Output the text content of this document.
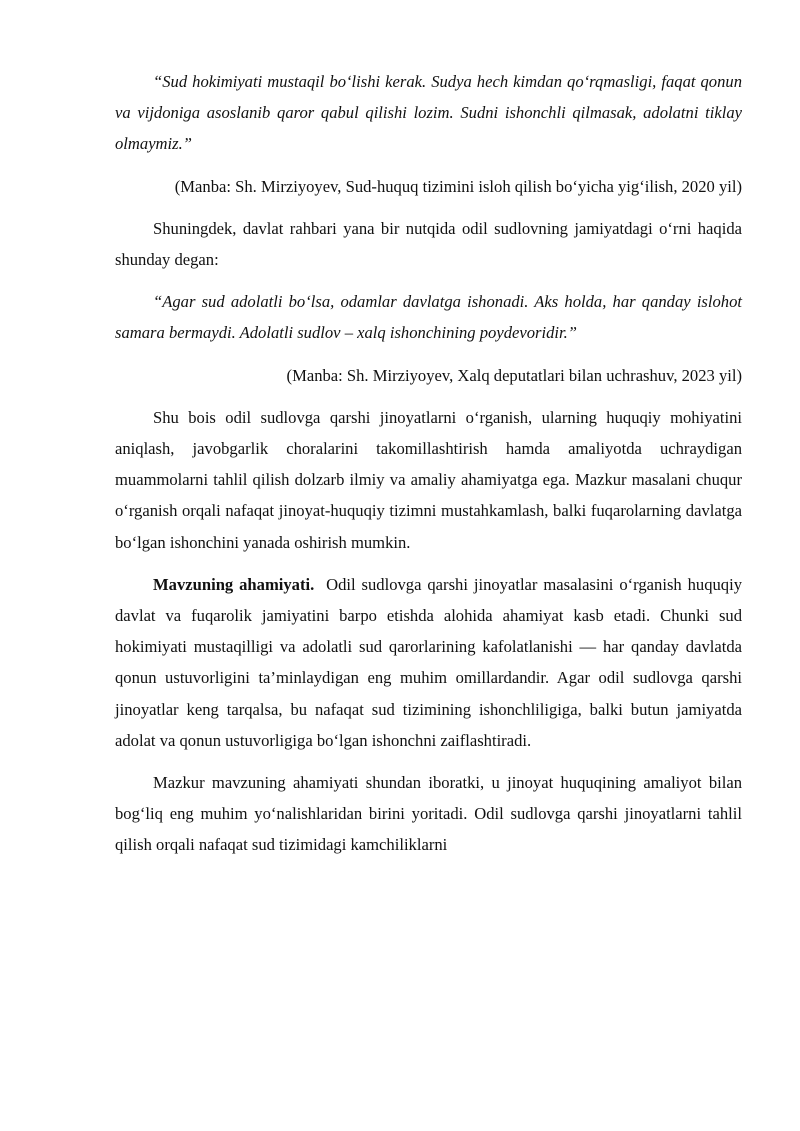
“Sud hokimiyati mustaqil bo‘lishi kerak. Sudya hech kimdan qo‘rqmasligi, faqat qonun va vijdoniga asoslanib qaror qabul qilishi lozim. Sudni ishonchli qilmasak, adolatni tiklay olmaymiz.”

(Manba: Sh. Mirziyoyev, Sud-huquq tizimini isloh qilish bo‘yicha yig‘ilish, 2020 yil)

Shuningdek, davlat rahbari yana bir nutqida odil sudlovning jamiyatdagi o‘rni haqida shunday degan:

“Agar sud adolatli bo‘lsa, odamlar davlatga ishonadi. Aks holda, har qanday islohot samara bermaydi. Adolatli sudlov – xalq ishonchining poydevoridir.”

(Manba: Sh. Mirziyoyev, Xalq deputatlari bilan uchrashuv, 2023 yil)

Shu bois odil sudlovga qarshi jinoyatlarni o‘rganish, ularning huquqiy mohiyatini aniqlash, javobgarlik choralarini takomillashtirish hamda amaliyotda uchraydigan muammolarni tahlil qilish dolzarb ilmiy va amaliy ahamiyatga ega. Mazkur masalani chuqur o‘rganish orqali nafaqat jinoyat-huquqiy tizimni mustahkamlash, balki fuqarolarning davlatga bo‘lgan ishonchini yanada oshirish mumkin.

Mavzuning ahamiyati. Odil sudlovga qarshi jinoyatlar masalasini o‘rganish huquqiy davlat va fuqarolik jamiyatini barpo etishda alohida ahamiyat kasb etadi. Chunki sud hokimiyati mustaqilligi va adolatli sud qarorlarining kafolatlanishi — har qanday davlatda qonun ustuvorligini ta’minlaydigan eng muhim omillardandir. Agar odil sudlovga qarshi jinoyatlar keng tarqalsa, bu nafaqat sud tizimining ishonchliligiga, balki butun jamiyatda adolat va qonun ustuvorligiga bo‘lgan ishonchni zaiflashtiradi.

Mazkur mavzuning ahamiyati shundan iboratki, u jinoyat huquqining amaliyot bilan bog‘liq eng muhim yo‘nalishlaridan birini yoritadi. Odil sudlovga qarshi jinoyatlarni tahlil qilish orqali nafaqat sud tizimidagi kamchiliklarni
